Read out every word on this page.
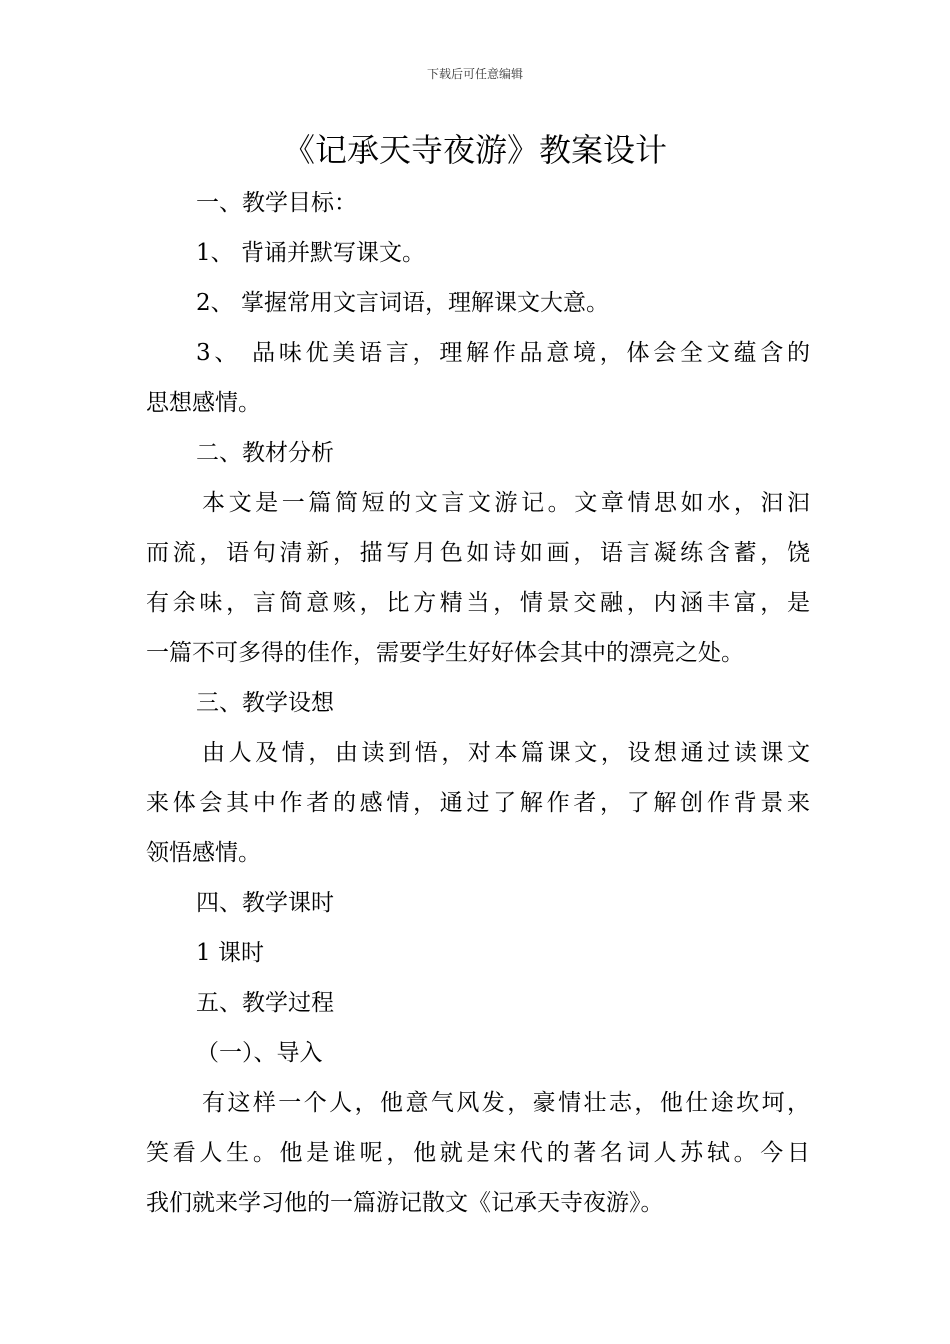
下载后可任意编辑
《记承天寺夜游》教案设计
一、教学目标：
1、 背诵并默写课文。
2、 掌握常用文言词语，理解课文大意。
3、 品味优美语言，理解作品意境，体会全文蕴含的
思想感情。
二、教材分析
本文是一篇简短的文言文游记。文章情思如水，汩汩
而流，语句清新，描写月色如诗如画，语言凝练含蓄，饶
有余味，言简意赅，比方精当，情景交融，内涵丰富，是
一篇不可多得的佳作，需要学生好好体会其中的漂亮之处。
三、教学设想
由人及情，由读到悟，对本篇课文，设想通过读课文
来体会其中作者的感情，通过了解作者，了解创作背景来
领悟感情。
四、教学课时
1 课时
五、教学过程
（一）、导入
有这样一个人，他意气风发，豪情壮志，他仕途坎坷，
笑看人生。他是谁呢，他就是宋代的著名词人苏轼。今日
我们就来学习他的一篇游记散文《记承天寺夜游》。
